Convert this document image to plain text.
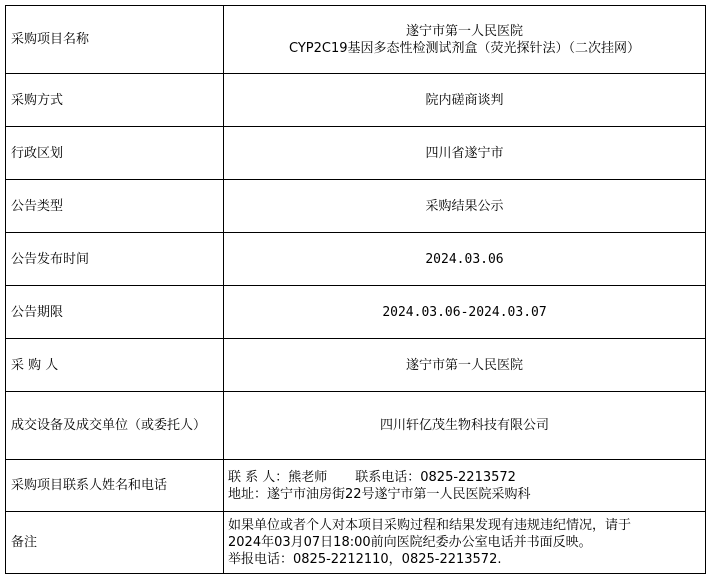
采购项目名称	遂宁市第一人民医院
CYP2C19基因多态性检测试剂盒（荧光探针法）（二次挂网）

采购方式	院内磋商谈判
行政区划	四川省遂宁市
公告类型	采购结果公示
公告发布时间	2024.03.06
公告期限	2024.03.06-2024.03.07
采 购 人	遂宁市第一人民医院
成交设备及成交单位（或委托人）	四川轩亿茂生物科技有限公司
采购项目联系人姓名和电话	联 系 人：熊老师 联系电话：0825-2213572
地址：遂宁市油房街22号遂宁市第一人民医院采购科

备注	如果单位或者个人对本项目采购过程和结果发现有违规违纪情况，请于
2024年03月07日18:00前向医院纪委办公室电话并书面反映。
举报电话：0825-2212110，0825-2213572.
